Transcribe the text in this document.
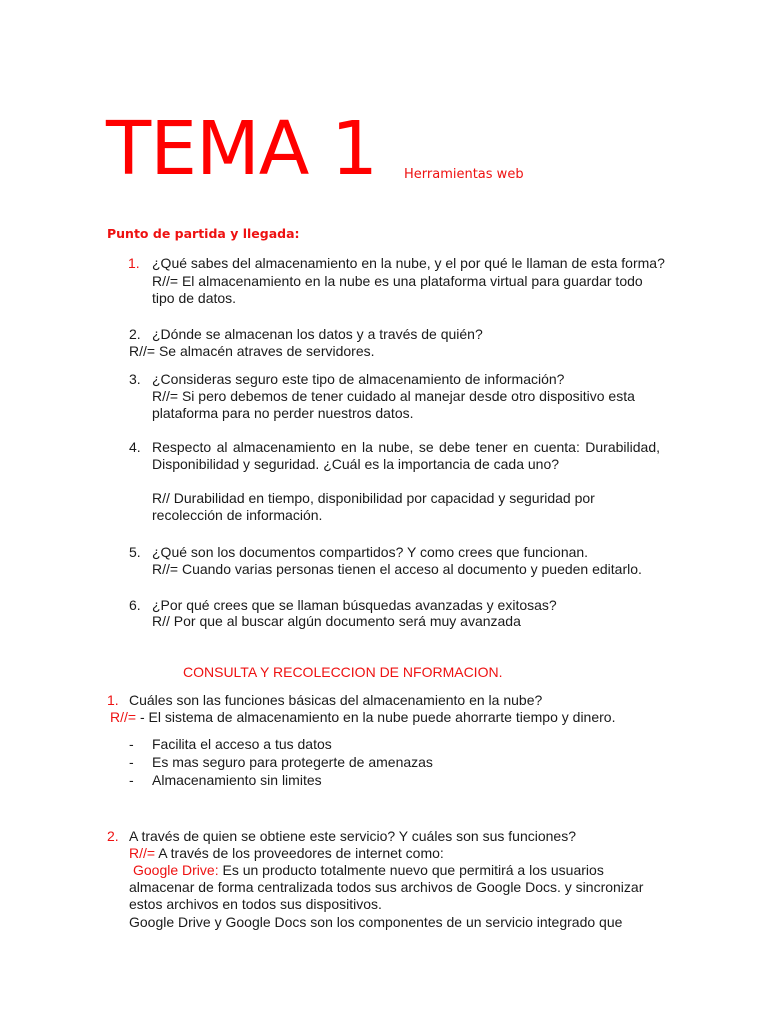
TEMA 1 Herramientas web
Punto de partida y llegada:
1. ¿Qué sabes del almacenamiento en la nube, y el por qué le llaman de esta forma?
R//= El almacenamiento en la nube es una plataforma virtual para guardar todo
tipo de datos.
2. ¿Dónde se almacenan los datos y a través de quién?
R//= Se almacén atraves de servidores.
3. ¿Consideras seguro este tipo de almacenamiento de información?
R//= Si pero debemos de tener cuidado al manejar desde otro dispositivo esta
plataforma para no perder nuestros datos.
4. Respecto al almacenamiento en la nube, se debe tener en cuenta: Durabilidad, Disponibilidad y seguridad. ¿Cuál es la importancia de cada uno?
R// Durabilidad en tiempo, disponibilidad por capacidad y seguridad por
recolección de información.
5. ¿Qué son los documentos compartidos? Y como crees que funcionan.
R//= Cuando varias personas tienen el acceso al documento y pueden editarlo.
6. ¿Por qué crees que se llaman búsquedas avanzadas y exitosas?
R// Por que al buscar algún documento será muy avanzada
CONSULTA Y RECOLECCION DE NFORMACION.
1. Cuáles son las funciones básicas del almacenamiento en la nube?
R//= - El sistema de almacenamiento en la nube puede ahorrarte tiempo y dinero.
- Facilita el acceso a tus datos
- Es mas seguro para protegerte de amenazas
- Almacenamiento sin limites
2. A través de quien se obtiene este servicio? Y cuáles son sus funciones?
R//= A través de los proveedores de internet como:
Google Drive: Es un producto totalmente nuevo que permitirá a los usuarios
almacenar de forma centralizada todos sus archivos de Google Docs. y sincronizar
estos archivos en todos sus dispositivos.
Google Drive y Google Docs son los componentes de un servicio integrado que
